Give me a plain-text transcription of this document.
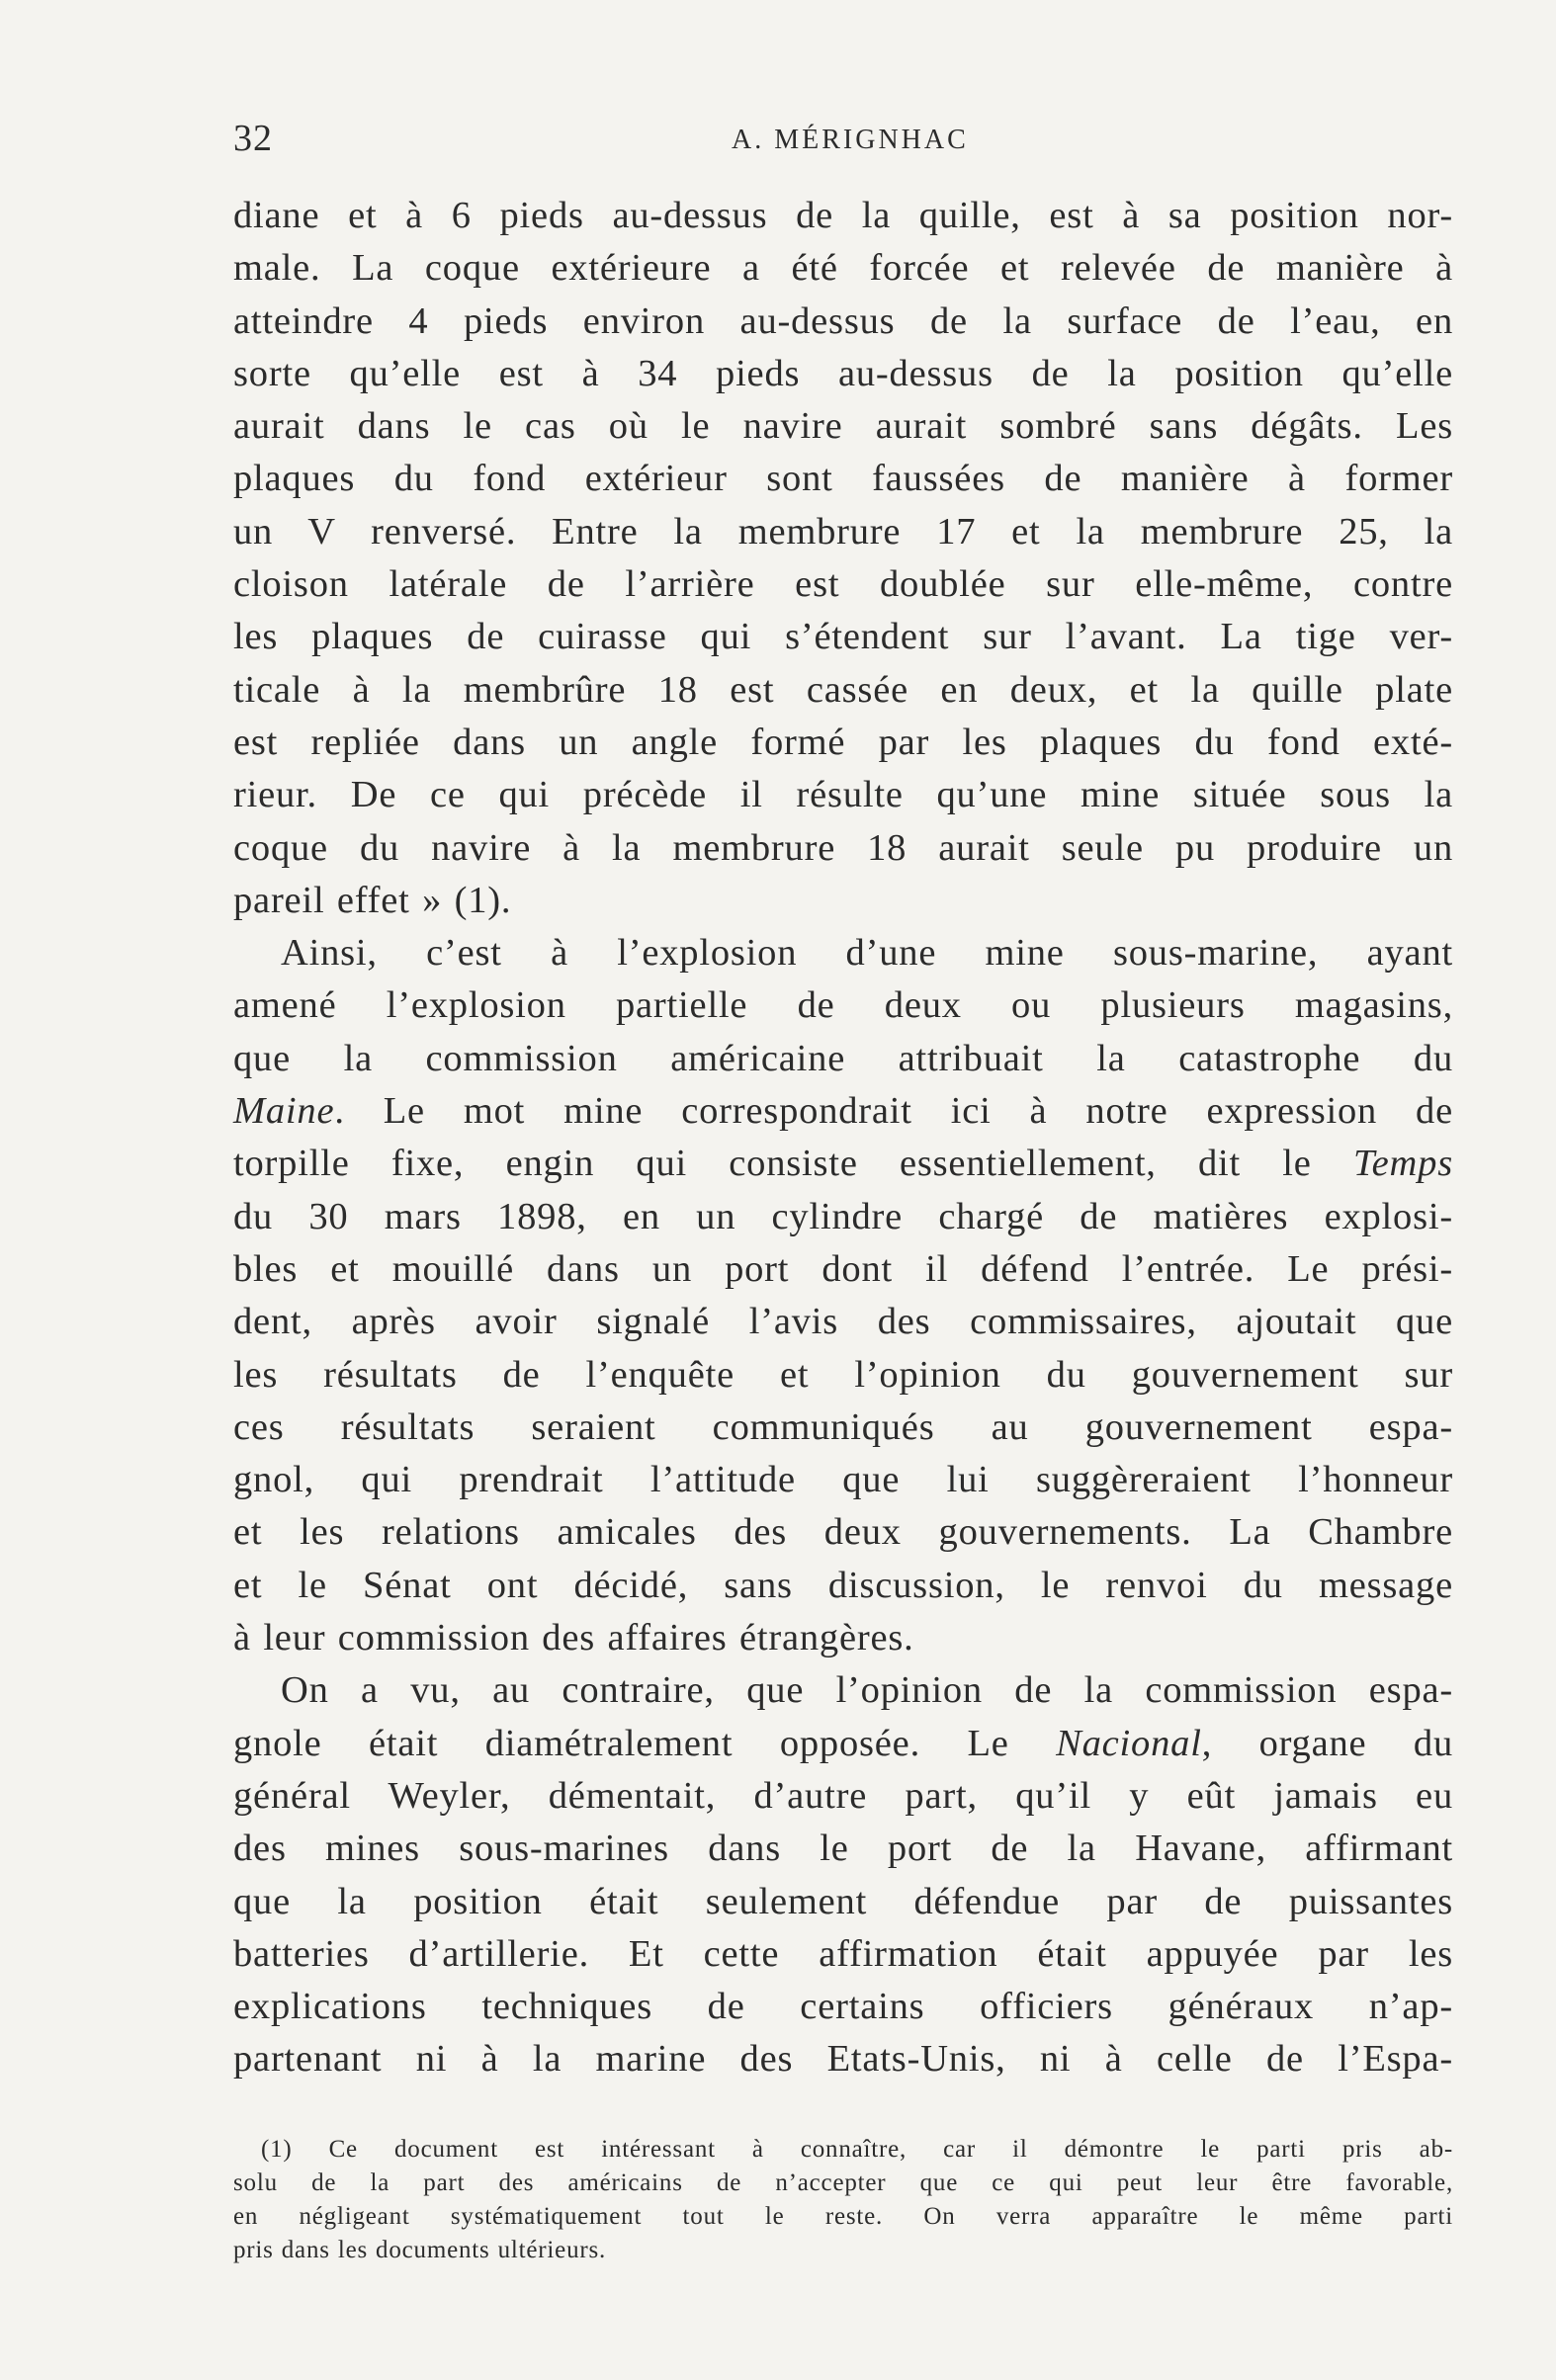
32	A. MÉRIGNHAC
diane et à 6 pieds au-dessus de la quille, est à sa position nor-
male. La coque extérieure a été forcée et relevée de manière à
atteindre 4 pieds environ au-dessus de la surface de l’eau, en
sorte qu’elle est à 34 pieds au-dessus de la position qu’elle
aurait dans le cas où le navire aurait sombré sans dégâts. Les
plaques du fond extérieur sont faussées de manière à former
un V renversé. Entre la membrure 17 et la membrure 25, la
cloison latérale de l’arrière est doublée sur elle-même, contre
les plaques de cuirasse qui s’étendent sur l’avant. La tige ver-
ticale à la membrûre 18 est cassée en deux, et la quille plate
est repliée dans un angle formé par les plaques du fond exté-
rieur. De ce qui précède il résulte qu’une mine située sous la
coque du navire à la membrure 18 aurait seule pu produire un
pareil effet » (1).
Ainsi, c’est à l’explosion d’une mine sous-marine, ayant
amené l’explosion partielle de deux ou plusieurs magasins,
que la commission américaine attribuait la catastrophe du
Maine. Le mot mine correspondrait ici à notre expression de
torpille fixe, engin qui consiste essentiellement, dit le Temps
du 30 mars 1898, en un cylindre chargé de matières explosi-
bles et mouillé dans un port dont il défend l’entrée. Le prési-
dent, après avoir signalé l’avis des commissaires, ajoutait que
les résultats de l’enquête et l’opinion du gouvernement sur
ces résultats seraient communiqués au gouvernement espa-
gnol, qui prendrait l’attitude que lui suggèreraient l’honneur
et les relations amicales des deux gouvernements. La Chambre
et le Sénat ont décidé, sans discussion, le renvoi du message
à leur commission des affaires étrangères.
On a vu, au contraire, que l’opinion de la commission espa-
gnole était diamétralement opposée. Le Nacional, organe du
général Weyler, démentait, d’autre part, qu’il y eût jamais eu
des mines sous-marines dans le port de la Havane, affirmant
que la position était seulement défendue par de puissantes
batteries d’artillerie. Et cette affirmation était appuyée par les
explications techniques de certains officiers généraux n’ap-
partenant ni à la marine des Etats-Unis, ni à celle de l’Espa-
(1) Ce document est intéressant à connaître, car il démontre le parti pris ab-
solu de la part des américains de n’accepter que ce qui peut leur être favorable,
en négligeant systématiquement tout le reste. On verra apparaître le même parti
pris dans les documents ultérieurs.
